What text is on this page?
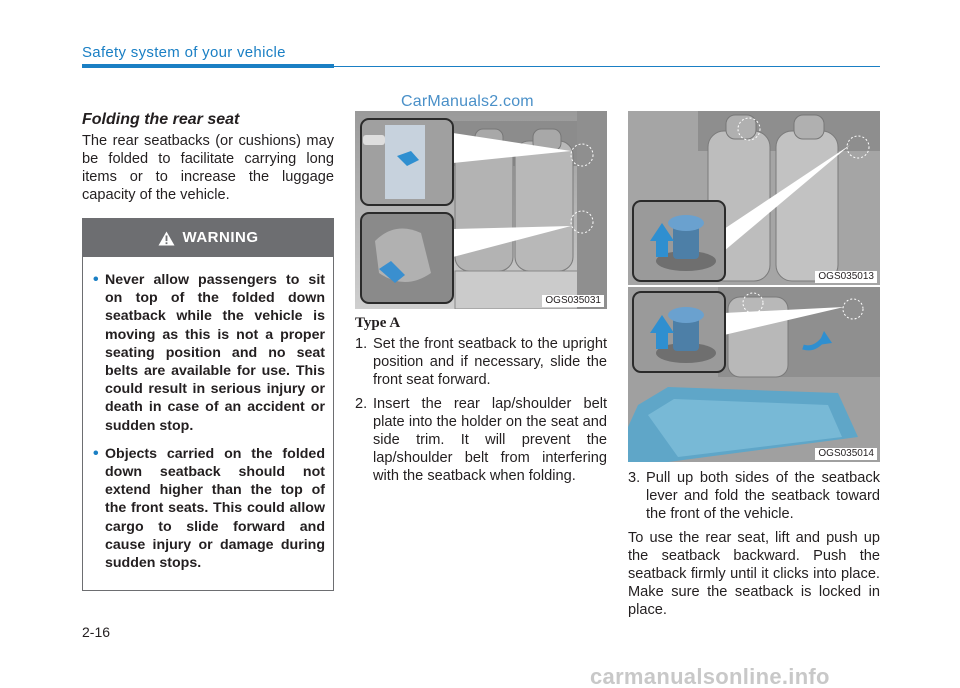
Safety system of your vehicle
CarManuals2.com
Folding the rear seat
The rear seatbacks (or cushions) may be folded to facilitate carrying long items or to increase the luggage capacity of the vehicle.
WARNING
• Never allow passengers to sit on top of the folded down seatback while the vehicle is moving as this is not a proper seating position and no seat belts are available for use. This could result in serious injury or death in case of an accident or sudden stop.
• Objects carried on the folded down seatback should not extend higher than the top of the front seats. This could allow cargo to slide forward and cause injury or damage during sudden stops.
OGS035031
Type A
1. Set the front seatback to the upright position and if necessary, slide the front seat forward.
2. Insert the rear lap/shoulder belt plate into the holder on the seat and side trim. It will prevent the lap/shoulder belt from interfering with the seatback when folding.
OGS035013
OGS035014
3. Pull up both sides of the seatback lever and fold the seatback toward the front of the vehicle.
To use the rear seat, lift and push up the seatback backward. Push the seatback firmly until it clicks into place. Make sure the seatback is locked in place.
2-16
carmanualsonline.info
